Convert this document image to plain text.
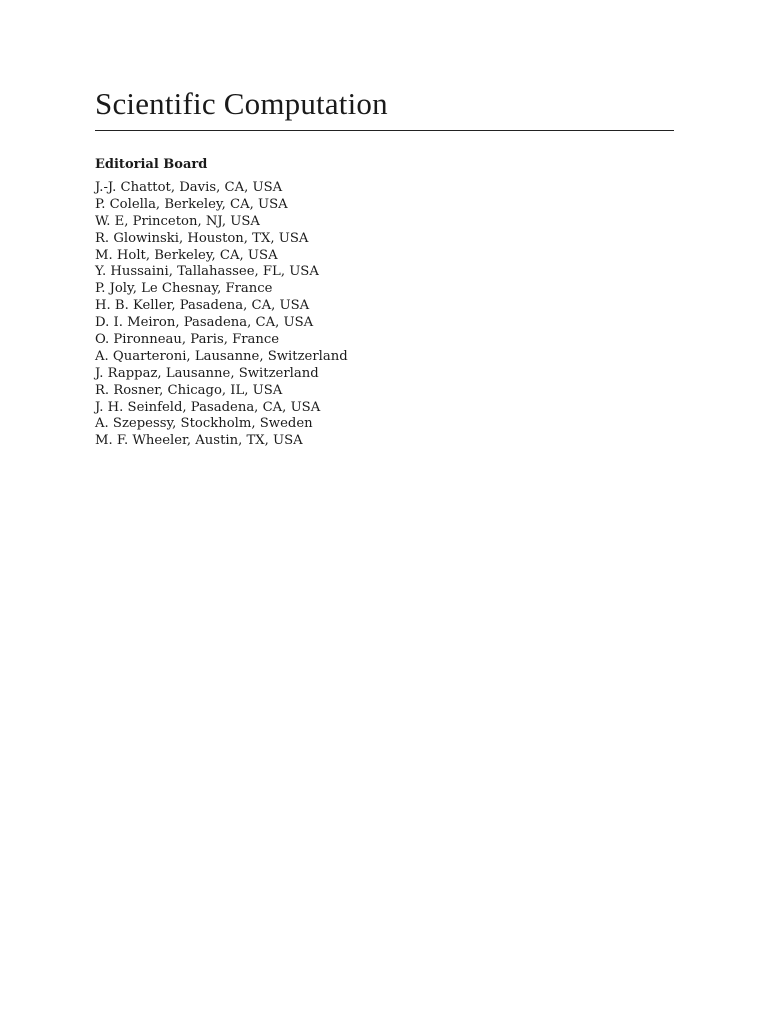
Scientific Computation
Editorial Board
J.-J. Chattot, Davis, CA, USA
P. Colella, Berkeley, CA, USA
W. E, Princeton, NJ, USA
R. Glowinski, Houston, TX, USA
M. Holt, Berkeley, CA, USA
Y. Hussaini, Tallahassee, FL, USA
P. Joly, Le Chesnay, France
H. B. Keller, Pasadena, CA, USA
D. I. Meiron, Pasadena, CA, USA
O. Pironneau, Paris, France
A. Quarteroni, Lausanne, Switzerland
J. Rappaz, Lausanne, Switzerland
R. Rosner, Chicago, IL, USA
J. H. Seinfeld, Pasadena, CA, USA
A. Szepessy, Stockholm, Sweden
M. F. Wheeler, Austin, TX, USA
